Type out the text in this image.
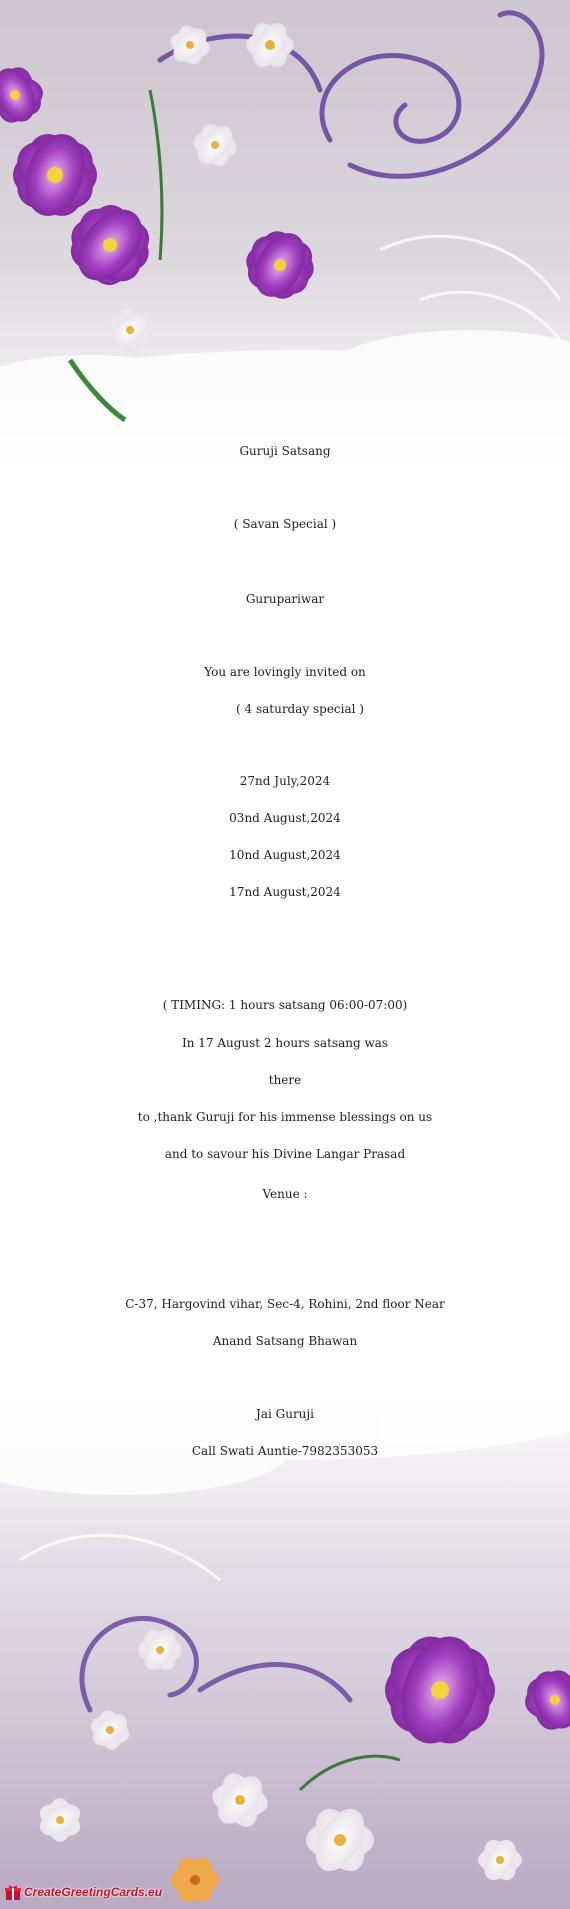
Guruji Satsang
( Savan Special )
Gurupariwar
You are lovingly invited on
( 4 saturday special )
27nd July,2024
03nd August,2024
10nd August,2024
17nd August,2024
( TIMING: 1 hours satsang 06:00-07:00)
In 17 August 2 hours satsang was
there
to ,thank Guruji for his immense blessings on us
and to savour his Divine Langar Prasad
Venue :
C-37, Hargovind vihar, Sec-4, Rohini, 2nd floor Near
Anand Satsang Bhawan
Jai Guruji
Call Swati Auntie-7982353053
CreateGreetingCards.eu
